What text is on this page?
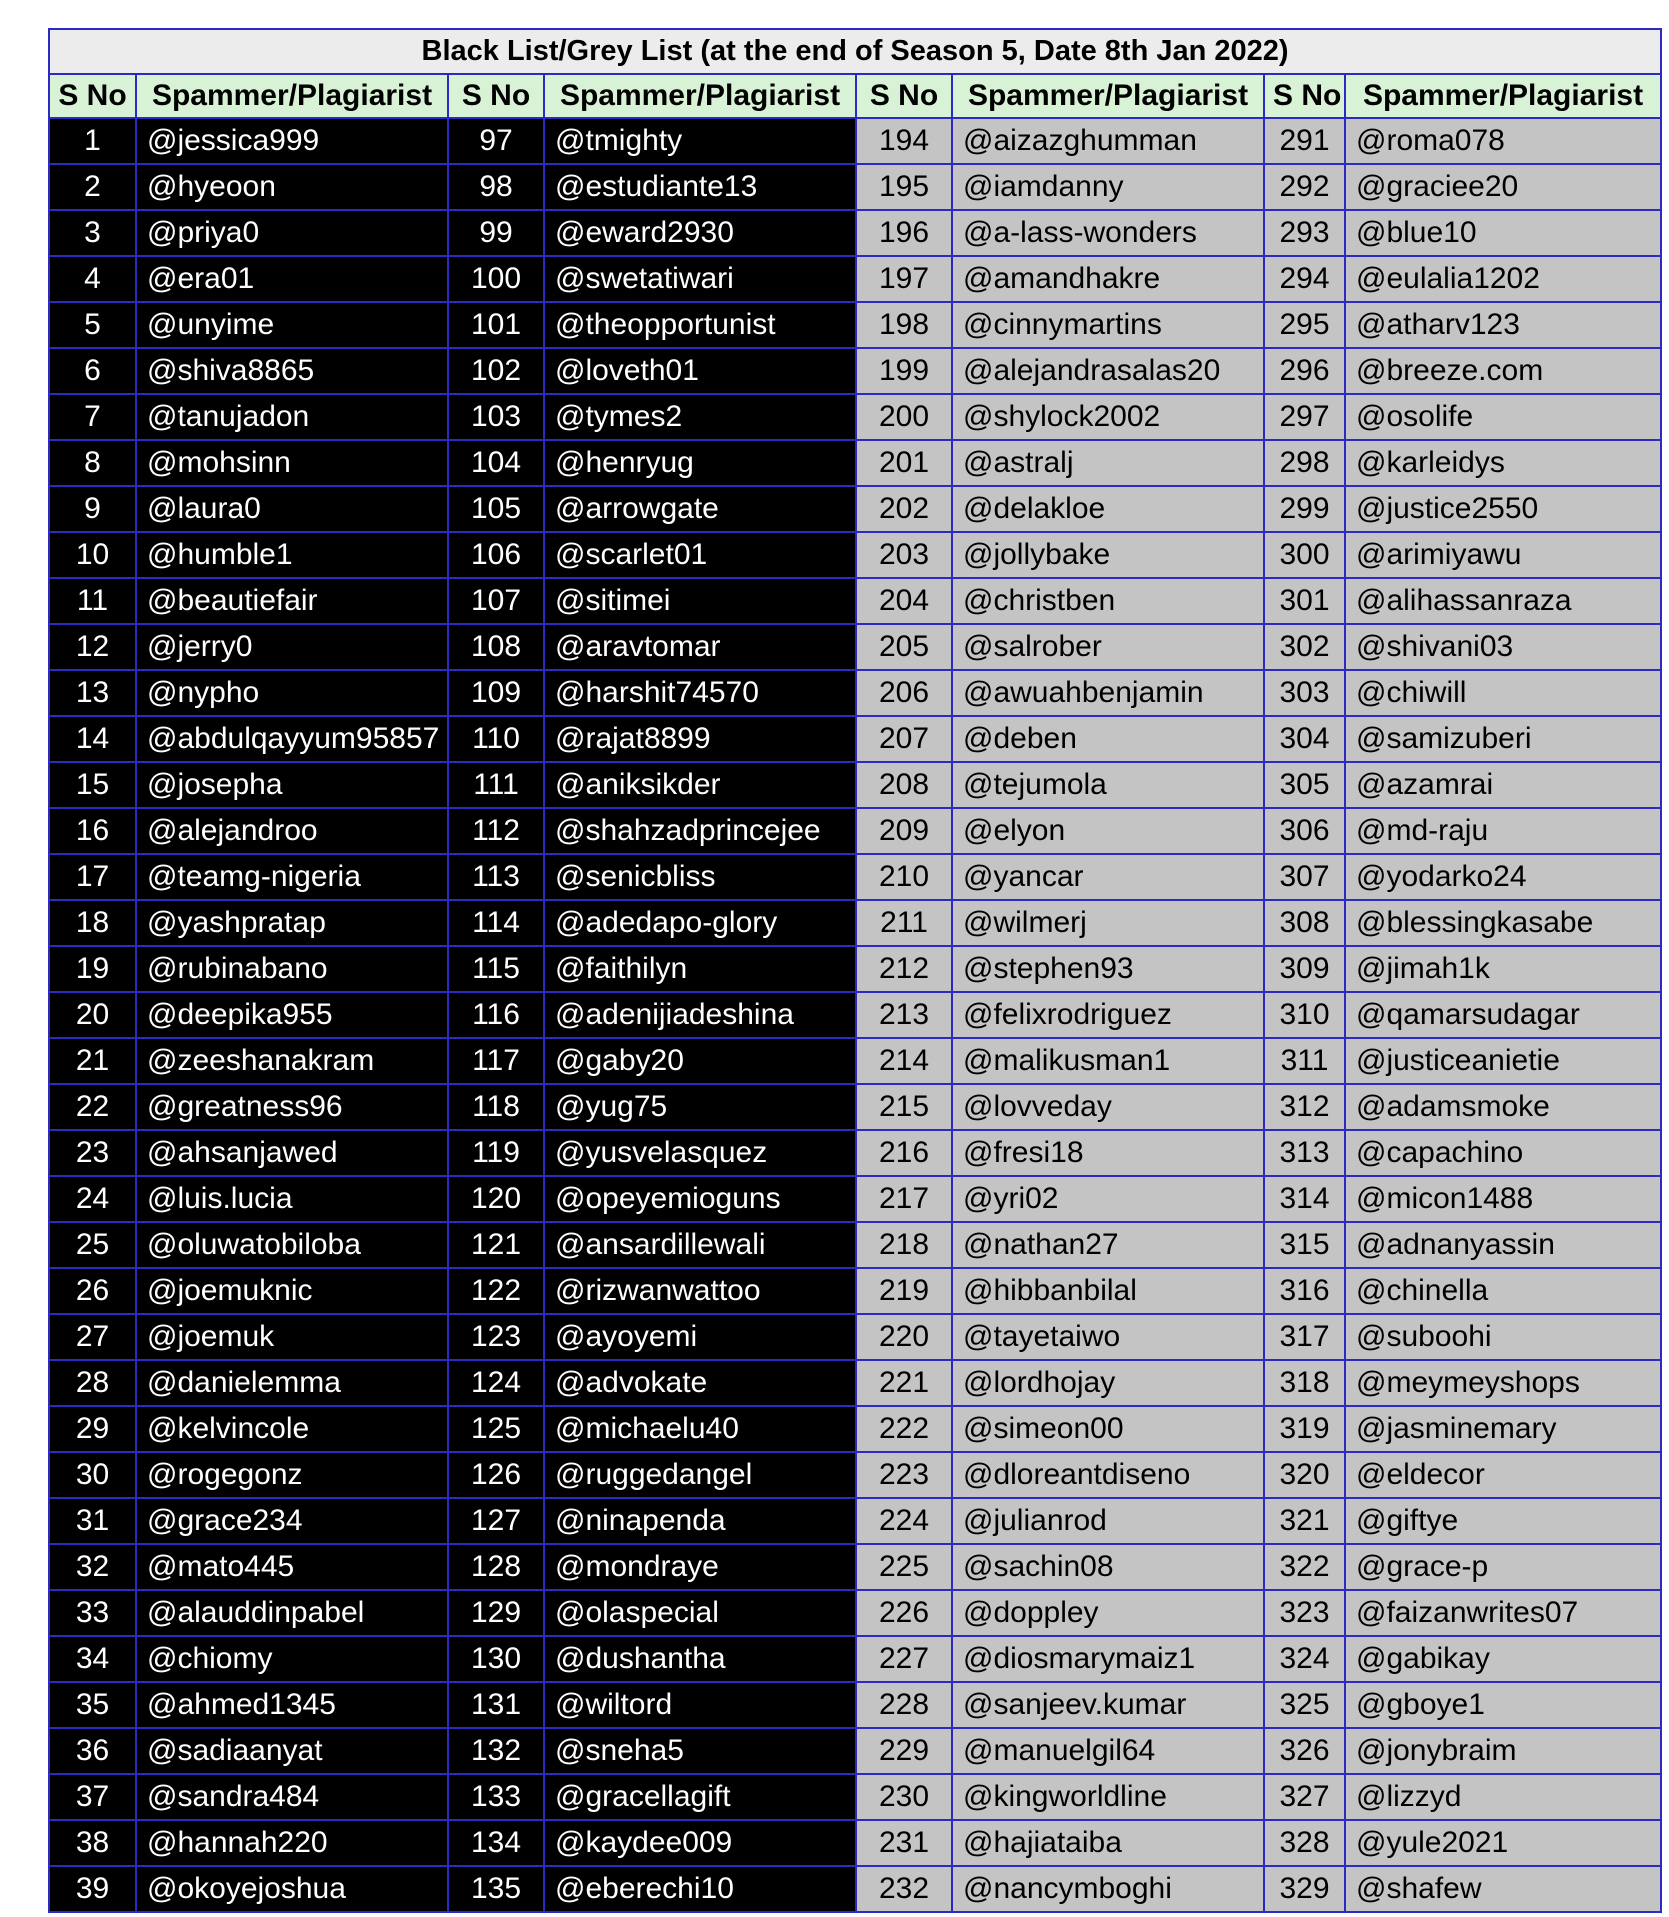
Black List/Grey List (at the end of Season 5, Date 8th Jan 2022)							
S No	Spammer/Plagiarist	S No	Spammer/Plagiarist	S No	Spammer/Plagiarist	S No	Spammer/Plagiarist
1	@jessica999	97	@tmighty	194	@aizazghumman	291	@roma078
2	@hyeoon	98	@estudiante13	195	@iamdanny	292	@graciee20
3	@priya0	99	@eward2930	196	@a-lass-wonders	293	@blue10
4	@era01	100	@swetatiwari	197	@amandhakre	294	@eulalia1202
5	@unyime	101	@theopportunist	198	@cinnymartins	295	@atharv123
6	@shiva8865	102	@loveth01	199	@alejandrasalas20	296	@breeze.com
7	@tanujadon	103	@tymes2	200	@shylock2002	297	@osolife
8	@mohsinn	104	@henryug	201	@astralj	298	@karleidys
9	@laura0	105	@arrowgate	202	@delakloe	299	@justice2550
10	@humble1	106	@scarlet01	203	@jollybake	300	@arimiyawu
11	@beautiefair	107	@sitimei	204	@christben	301	@alihassanraza
12	@jerry0	108	@aravtomar	205	@salrober	302	@shivani03
13	@nypho	109	@harshit74570	206	@awuahbenjamin	303	@chiwill
14	@abdulqayyum95857	110	@rajat8899	207	@deben	304	@samizuberi
15	@josepha	111	@aniksikder	208	@tejumola	305	@azamrai
16	@alejandroo	112	@shahzadprincejee	209	@elyon	306	@md-raju
17	@teamg-nigeria	113	@senicbliss	210	@yancar	307	@yodarko24
18	@yashpratap	114	@adedapo-glory	211	@wilmerj	308	@blessingkasabe
19	@rubinabano	115	@faithilyn	212	@stephen93	309	@jimah1k
20	@deepika955	116	@adenijiadeshina	213	@felixrodriguez	310	@qamarsudagar
21	@zeeshanakram	117	@gaby20	214	@malikusman1	311	@justiceanietie
22	@greatness96	118	@yug75	215	@lovveday	312	@adamsmoke
23	@ahsanjawed	119	@yusvelasquez	216	@fresi18	313	@capachino
24	@luis.lucia	120	@opeyemioguns	217	@yri02	314	@micon1488
25	@oluwatobiloba	121	@ansardillewali	218	@nathan27	315	@adnanyassin
26	@joemuknic	122	@rizwanwattoo	219	@hibbanbilal	316	@chinella
27	@joemuk	123	@ayoyemi	220	@tayetaiwo	317	@suboohi
28	@danielemma	124	@advokate	221	@lordhojay	318	@meymeyshops
29	@kelvincole	125	@michaelu40	222	@simeon00	319	@jasminemary
30	@rogegonz	126	@ruggedangel	223	@dloreantdiseno	320	@eldecor
31	@grace234	127	@ninapenda	224	@julianrod	321	@giftye
32	@mato445	128	@mondraye	225	@sachin08	322	@grace-p
33	@alauddinpabel	129	@olaspecial	226	@doppley	323	@faizanwrites07
34	@chiomy	130	@dushantha	227	@diosmarymaiz1	324	@gabikay
35	@ahmed1345	131	@wiltord	228	@sanjeev.kumar	325	@gboye1
36	@sadiaanyat	132	@sneha5	229	@manuelgil64	326	@jonybraim
37	@sandra484	133	@gracellagift	230	@kingworldline	327	@lizzyd
38	@hannah220	134	@kaydee009	231	@hajiataiba	328	@yule2021
39	@okoyejoshua	135	@eberechi10	232	@nancymboghi	329	@shafew
